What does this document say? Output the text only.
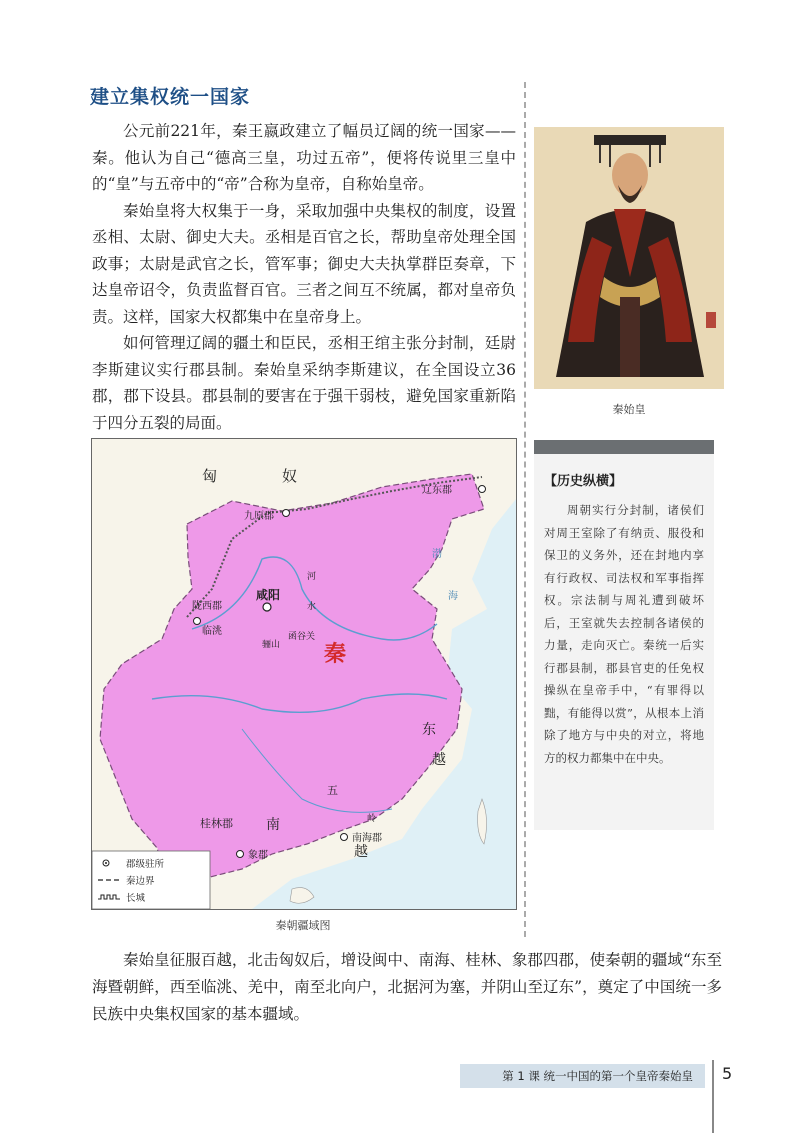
建立集权统一国家

公元前221年，秦王嬴政建立了幅员辽阔的统一国家——秦。他认为自己“德高三皇，功过五帝”，便将传说里三皇中的“皇”与五帝中的“帝”合称为皇帝，自称始皇帝。

秦始皇将大权集于一身，采取加强中央集权的制度，设置丞相、太尉、御史大夫。丞相是百官之长，帮助皇帝处理全国政事；太尉是武官之长，管军事；御史大夫执掌群臣奏章，下达皇帝诏令，负责监督百官。三者之间互不统属，都对皇帝负责。这样，国家大权都集中在皇帝身上。

如何管理辽阔的疆土和臣民，丞相王绾主张分封制，廷尉李斯建议实行郡县制。秦始皇采纳李斯建议，在全国设立36郡，郡下设县。郡县制的要害在于强干弱枝，避免国家重新陷于四分五裂的局面。

秦始皇

【历史纵横】

周朝实行分封制，诸侯们对周王室除了有纳贡、服役和保卫的义务外，还在封地内享有行政权、司法权和军事指挥权。宗法制与周礼遭到破坏后，王室就失去控制各诸侯的力量，走向灭亡。秦统一后实行郡县制，郡县官吏的任免权操纵在皇帝手中，“有罪得以黜，有能得以赏”，从根本上消除了地方与中央的对立，将地方的权力都集中在中央。

匈	奴
九原郡
辽东郡
陇西郡
临洮
咸阳
骊山
函谷关
秦
河
水
渤
海
桂林郡
象郡
南海郡
南
越
五
岭
东
越
郡级驻所
秦边界
长城
秦朝疆域图

秦始皇征服百越，北击匈奴后，增设闽中、南海、桂林、象郡四郡，使秦朝的疆域“东至海暨朝鲜，西至临洮、羌中，南至北向户，北据河为塞，并阴山至辽东”，奠定了中国统一多民族中央集权国家的基本疆域。

第 1 课 统一中国的第一个皇帝秦始皇 5
